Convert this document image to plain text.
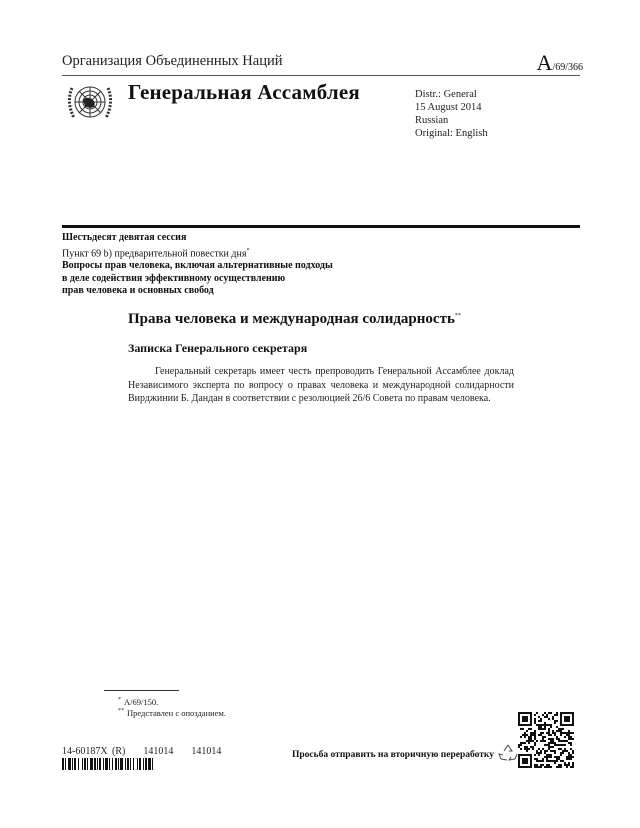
Организация Объединенных Наций	A/69/366
Генеральная Ассамблея	Distr.: General
15 August 2014
Russian
Original: English
Шестьдесят девятая сессия
Пункт 69 b) предварительной повестки дня*
Вопросы прав человека, включая альтернативные подходы
в деле содействия эффективному осуществлению
прав человека и основных свобод
Права человека и международная солидарность**
Записка Генерального секретаря
Генеральный секретарь имеет честь препроводить Генеральной Ассамблее доклад Независимого эксперта по вопросу о правах человека и международной солидарности Вирджинии Б. Дандан в соответствии с резолюцией 26/6 Совета по правам человека.
* A/69/150.
** Представлен с опозданием.
14-60187X (R)    141014    141014	Просьба отправить на вторичную переработку
